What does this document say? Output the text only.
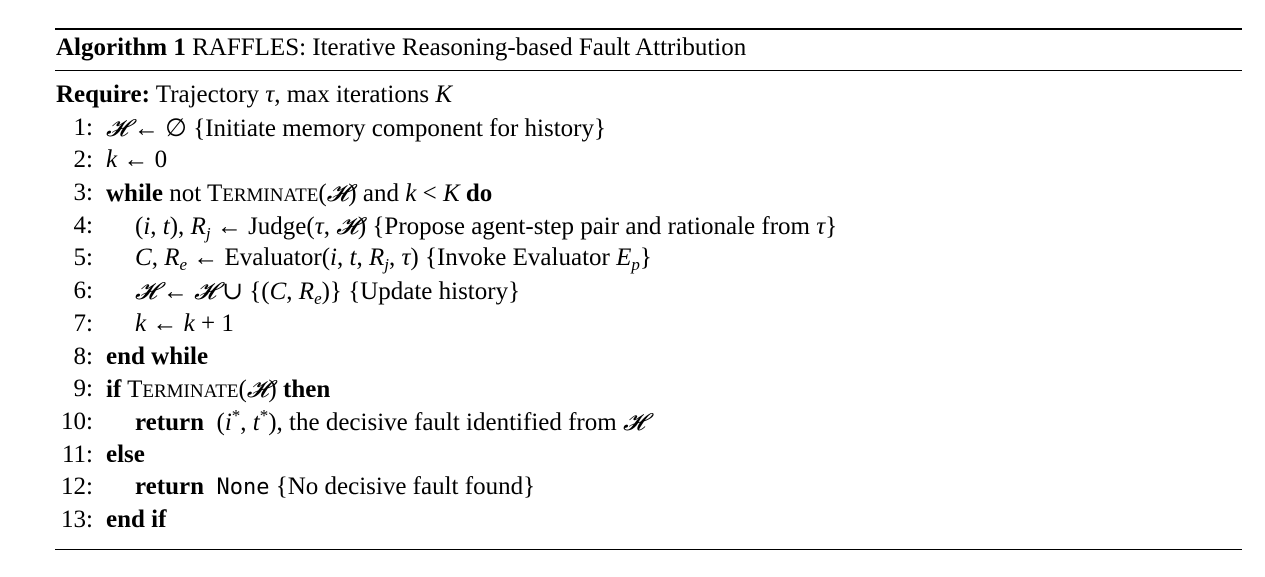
Algorithm 1 RAFFLES: Iterative Reasoning-based Fault Attribution
Require: Trajectory τ, max iterations K
1: 𝓗 ← ∅ {Initiate memory component for history}
2: k ← 0
3: while not TERMINATE(𝓗) and k < K do
4: (i, t), $R_j$ ← Judge(τ, 𝓗) {Propose agent-step pair and rationale from τ}
5: C, $R_e$ ← Evaluator(i, t, $R_j$, τ) {Invoke Evaluator $E_p$}
6: 𝓗 ← 𝓗 ∪ {(C, $R_e$)} {Update history}
7: k ← k + 1
8: end while
9: if TERMINATE(𝓗) then
10: return  (i*, t*), the decisive fault identified from 𝓗
11: else
12: return None {No decisive fault found}
13: end if
